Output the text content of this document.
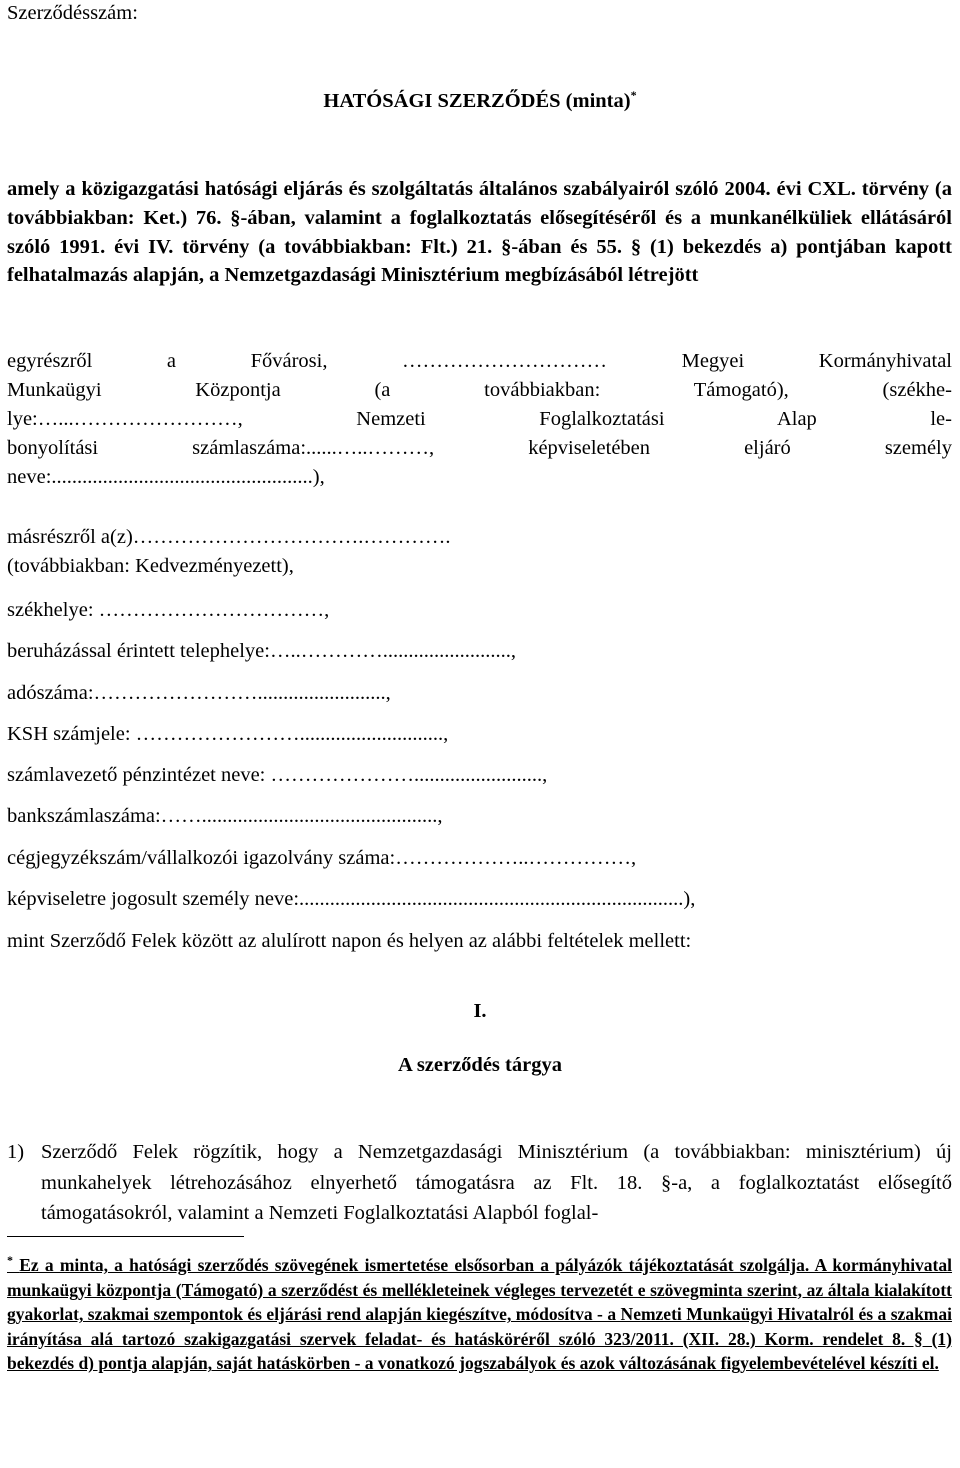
Szerződésszám:
HATÓSÁGI SZERZŐDÉS (minta)*

amely a közigazgatási hatósági eljárás és szolgáltatás általános szabályairól szóló 2004. évi CXL. törvény (a továbbiakban: Ket.) 76. §-ában, valamint a foglalkoztatás elősegítéséről és a munkanélküliek ellátásáról szóló 1991. évi IV. törvény (a továbbiakban: Flt.) 21. §-ában és 55. § (1) bekezdés a) pontjában kapott felhatalmazás alapján, a Nemzetgazdasági Minisztérium megbízásából létrejött

egyrészről a Fővárosi, ………………………… Megyei Kormányhivatal
Munkaügyi Központja (a továbbiakban: Támogató), (székhe-
lye:…...……………………, Nemzeti Foglalkoztatási Alap le-
bonyolítási számlaszáma:......…..………, képviseletében eljáró személy
neve:...................................................),
másrészről a(z)…………………………….………….
(továbbiakban: Kedvezményezett),
székhelye: ……………………………,
beruházással érintett telephelye:…..………….........................,
adószáma:…………………….........................,
KSH számjele: ……………………............................,
számlavezető pénzintézet neve: ………………….........................,
bankszámlaszáma:……..............................................,
cégjegyzékszám/vállalkozói igazolvány száma:………………..……………,
képviseletre jogosult személy neve:...........................................................................),
mint Szerződő Felek között az alulírott napon és helyen az alábbi feltételek mellett:
I.
A szerződés tárgya
1) Szerződő Felek rögzítik, hogy a Nemzetgazdasági Minisztérium (a továbbiakban: minisztérium) új munkahelyek létrehozásához elnyerhető támogatásra az Flt. 18. §-a, a foglalkoztatást elősegítő támogatásokról, valamint a Nemzeti Foglalkoztatási Alapból foglal-

* Ez a minta, a hatósági szerződés szövegének ismertetése elsősorban a pályázók tájékoztatását szolgálja. A kormányhivatal munkaügyi központja (Támogató) a szerződést és mellékleteinek végleges tervezetét e szövegminta szerint, az általa kialakított gyakorlat, szakmai szempontok és eljárási rend alapján kiegészítve, módosítva - a Nemzeti Munkaügyi Hivatalról és a szakmai irányítása alá tartozó szakigazgatási szervek feladat- és hatásköréről szóló 323/2011. (XII. 28.) Korm. rendelet 8. § (1) bekezdés d) pontja alapján, saját hatáskörben - a vonatkozó jogszabályok és azok változásának figyelembevételével készíti el.
